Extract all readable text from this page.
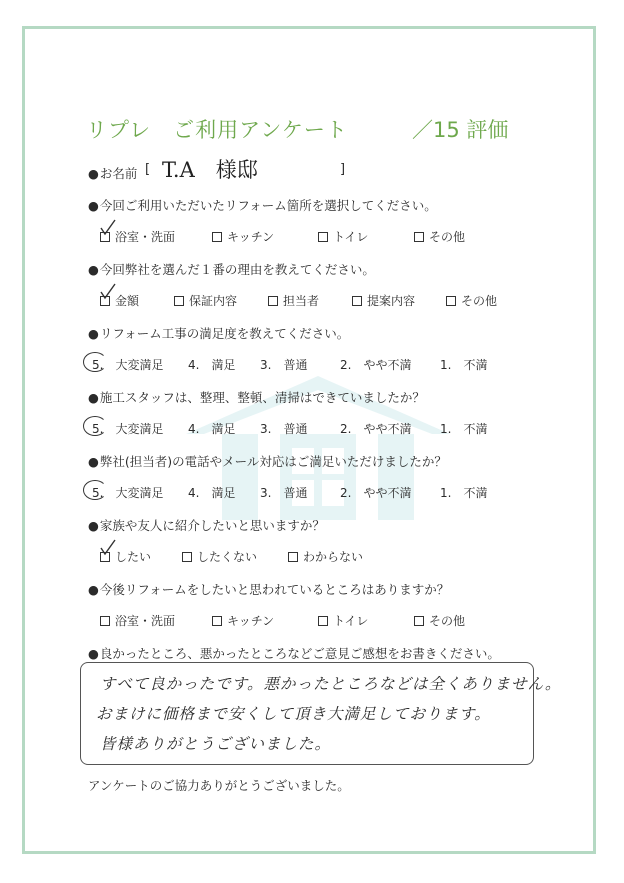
リプレ　ご利用アンケート	／15 評価
● お名前 [ T.A　様邸	]
● 今回ご利用いただいたリフォーム箇所を選択してください。
浴室・洗面	キッチン	トイレ	その他
● 今回弊社を選んだ１番の理由を教えてください。
金額	保証内容	担当者	提案内容	その他
● リフォーム工事の満足度を教えてください。
5.　大変満足 4.　満足 3.　普通	2.　やや不満 1.　不満
● 施工スタッフは、整理、整頓、清掃はできていましたか？
5.　大変満足 4.　満足 3.　普通	2.　やや不満 1.　不満
● 弊社(担当者)の電話やメール対応はご満足いただけましたか？
5.　大変満足 4.　満足 3.　普通	2.　やや不満 1.　不満
● 家族や友人に紹介したいと思いますか？
したい	したくない	わからない
● 今後リフォームをしたいと思われているところはありますか？
浴室・洗面	キッチン	トイレ	その他
● 良かったところ、悪かったところなどご意見ご感想をお書きください。
すべて良かったです。悪かったところなどは全くありません。
おまけに価格まで安くして頂き大満足しております。
皆様ありがとうございました。
アンケートのご協力ありがとうございました。
